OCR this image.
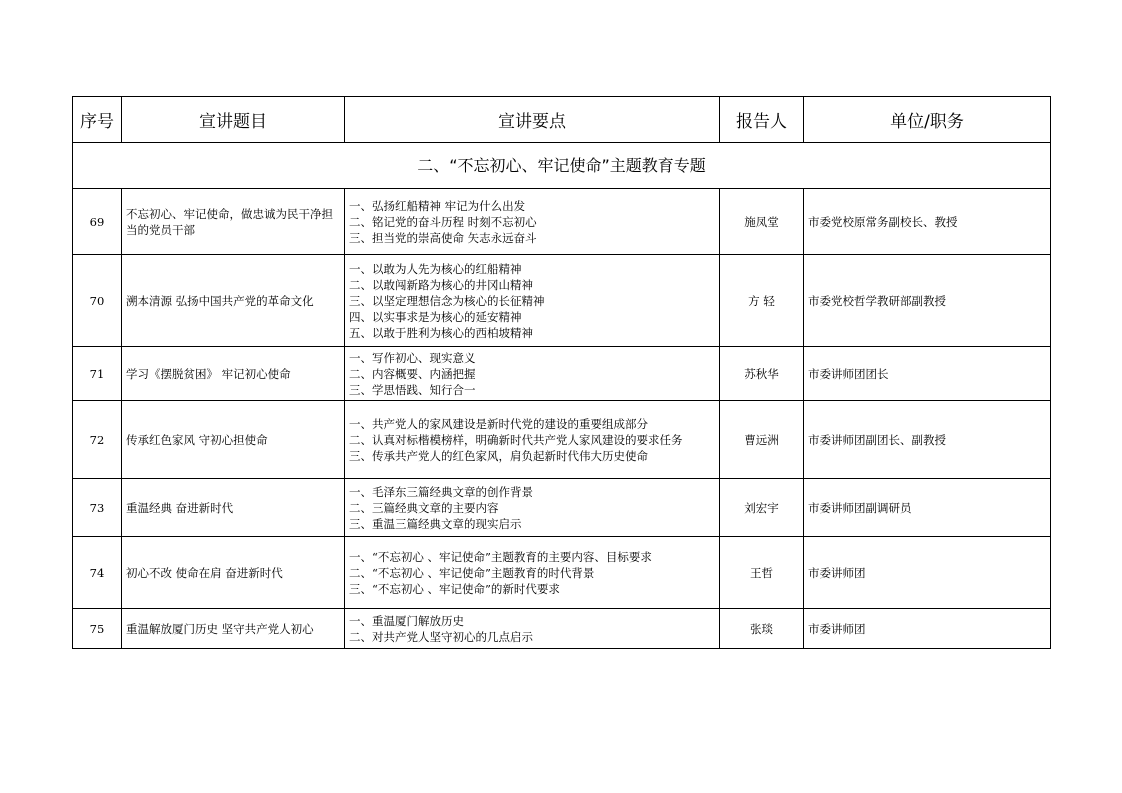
序号	宣讲题目	宣讲要点	报告人	单位/职务
二、“不忘初心、牢记使命”主题教育专题				
69	不忘初心、牢记使命，做忠诚为民干净担当的党员干部	一、弘扬红船精神 牢记为什么出发
二、铭记党的奋斗历程 时刻不忘初心
三、担当党的崇高使命 矢志永远奋斗	施凤堂	市委党校原常务副校长、教授
70	溯本清源 弘扬中国共产党的革命文化	一、以敢为人先为核心的红船精神
二、以敢闯新路为核心的井冈山精神
三、以坚定理想信念为核心的长征精神
四、以实事求是为核心的延安精神
五、以敢于胜利为核心的西柏坡精神	方 轻	市委党校哲学教研部副教授
71	学习《摆脱贫困》 牢记初心使命	一、写作初心、现实意义
二、内容概要、内涵把握
三、学思悟践、知行合一	苏秋华	市委讲师团团长
72	传承红色家风 守初心担使命	一、共产党人的家风建设是新时代党的建设的重要组成部分
二、认真对标楷模榜样，明确新时代共产党人家风建设的要求任务
三、传承共产党人的红色家风，肩负起新时代伟大历史使命	曹远洲	市委讲师团副团长、副教授
73	重温经典 奋进新时代	一、毛泽东三篇经典文章的创作背景
二、三篇经典文章的主要内容
三、重温三篇经典文章的现实启示	刘宏宇	市委讲师团副调研员
74	初心不改 使命在肩 奋进新时代	一、“不忘初心 、牢记使命”主题教育的主要内容、目标要求
二、“不忘初心 、牢记使命”主题教育的时代背景
三、“不忘初心 、牢记使命”的新时代要求	王哲	市委讲师团
75	重温解放厦门历史 坚守共产党人初心	一、重温厦门解放历史
二、对共产党人坚守初心的几点启示	张琰	市委讲师团
